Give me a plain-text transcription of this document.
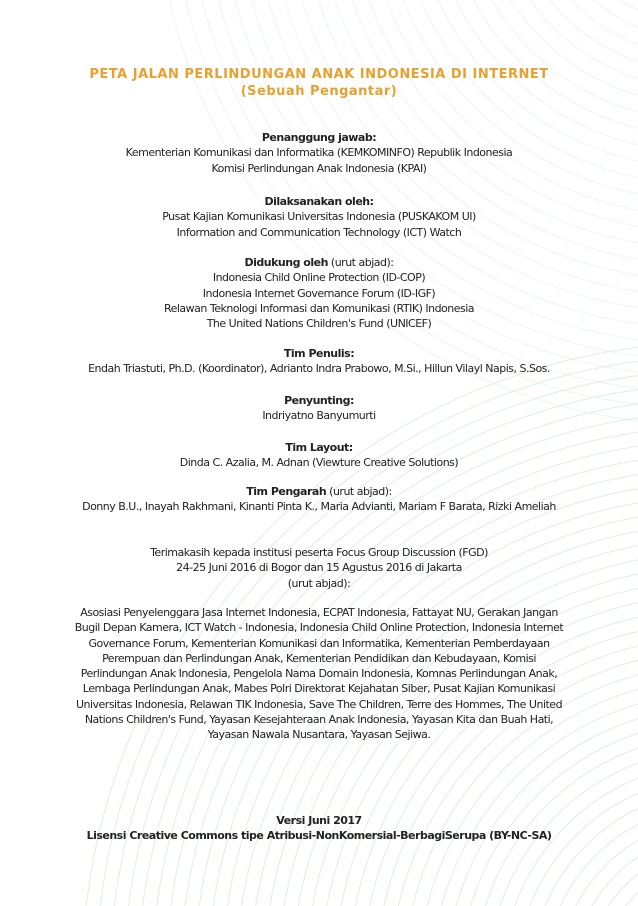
PETA JALAN PERLINDUNGAN ANAK INDONESIA DI INTERNET
(Sebuah Pengantar)
Penanggung jawab:
Kementerian Komunikasi dan Informatika (KEMKOMINFO) Republik Indonesia
Komisi Perlindungan Anak Indonesia (KPAI)
Dilaksanakan oleh:
Pusat Kajian Komunikasi Universitas Indonesia (PUSKAKOM UI)
Information and Communication Technology (ICT) Watch
Didukung oleh (urut abjad):
Indonesia Child Online Protection (ID-COP)
Indonesia Internet Governance Forum (ID-IGF)
Relawan Teknologi Informasi dan Komunikasi (RTIK) Indonesia
The United Nations Children's Fund (UNICEF)
Tim Penulis:
Endah Triastuti, Ph.D. (Koordinator), Adrianto Indra Prabowo, M.Si., Hillun Vilayl Napis, S.Sos.
Penyunting:
Indriyatno Banyumurti
Tim Layout:
Dinda C. Azalia, M. Adnan (Viewture Creative Solutions)
Tim Pengarah (urut abjad):
Donny B.U., Inayah Rakhmani, Kinanti Pinta K., Maria Advianti, Mariam F Barata, Rizki Ameliah
Terimakasih kepada institusi peserta Focus Group Discussion (FGD)
24-25 Juni 2016 di Bogor dan 15 Agustus 2016 di Jakarta
(urut abjad):
Asosiasi Penyelenggara Jasa Internet Indonesia, ECPAT Indonesia, Fattayat NU, Gerakan Jangan
Bugil Depan Kamera, ICT Watch - Indonesia, Indonesia Child Online Protection, Indonesia Internet
Governance Forum, Kementerian Komunikasi dan Informatika, Kementerian Pemberdayaan
Perempuan dan Perlindungan Anak, Kementerian Pendidikan dan Kebudayaan, Komisi
Perlindungan Anak Indonesia, Pengelola Nama Domain Indonesia, Komnas Perlindungan Anak,
Lembaga Perlindungan Anak, Mabes Polri Direktorat Kejahatan Siber, Pusat Kajian Komunikasi
Universitas Indonesia, Relawan TIK Indonesia, Save The Children, Terre des Hommes, The United
Nations Children's Fund, Yayasan Kesejahteraan Anak Indonesia, Yayasan Kita dan Buah Hati,
Yayasan Nawala Nusantara, Yayasan Sejiwa.
Versi Juni 2017
Lisensi Creative Commons tipe Atribusi-NonKomersial-BerbagiSerupa (BY-NC-SA)
